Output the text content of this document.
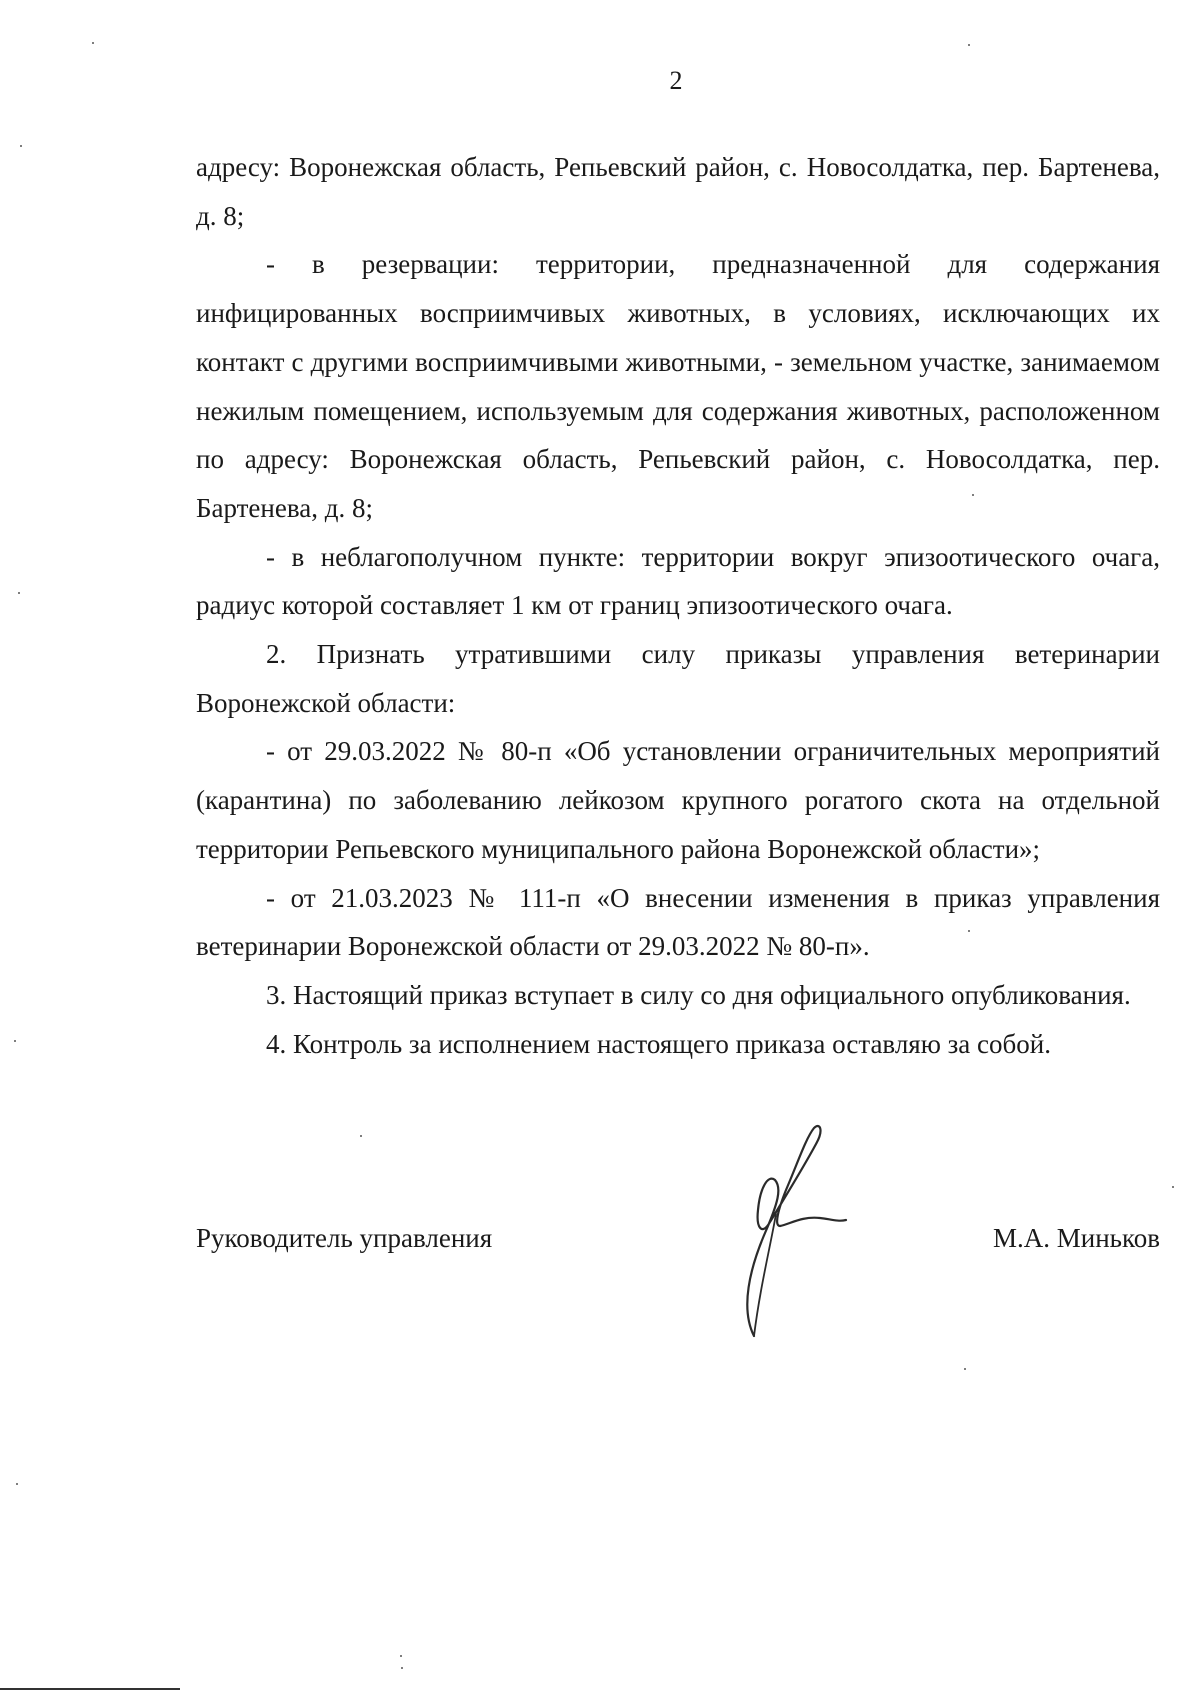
2

адресу: Воронежская область, Репьевский район, с. Новосолдатка, пер. Бартенева, д. 8;

- в резервации: территории, предназначенной для содержания инфицированных восприимчивых животных, в условиях, исключающих их контакт с другими восприимчивыми животными, - земельном участке, занимаемом нежилым помещением, используемым для содержания животных, расположенном по адресу: Воронежская область, Репьевский район, с. Новосолдатка, пер. Бартенева, д. 8;

- в неблагополучном пункте: территории вокруг эпизоотического очага, радиус которой составляет 1 км от границ эпизоотического очага.

2. Признать утратившими силу приказы управления ветеринарии Воронежской области:

- от 29.03.2022 № 80-п «Об установлении ограничительных мероприятий (карантина) по заболеванию лейкозом крупного рогатого скота на отдельной территории Репьевского муниципального района Воронежской области»;

- от 21.03.2023 № 111-п «О внесении изменения в приказ управления ветеринарии Воронежской области от 29.03.2022 № 80-п».

3. Настоящий приказ вступает в силу со дня официального опубликования.

4. Контроль за исполнением настоящего приказа оставляю за собой.

Руководитель управления	М.А. Миньков
